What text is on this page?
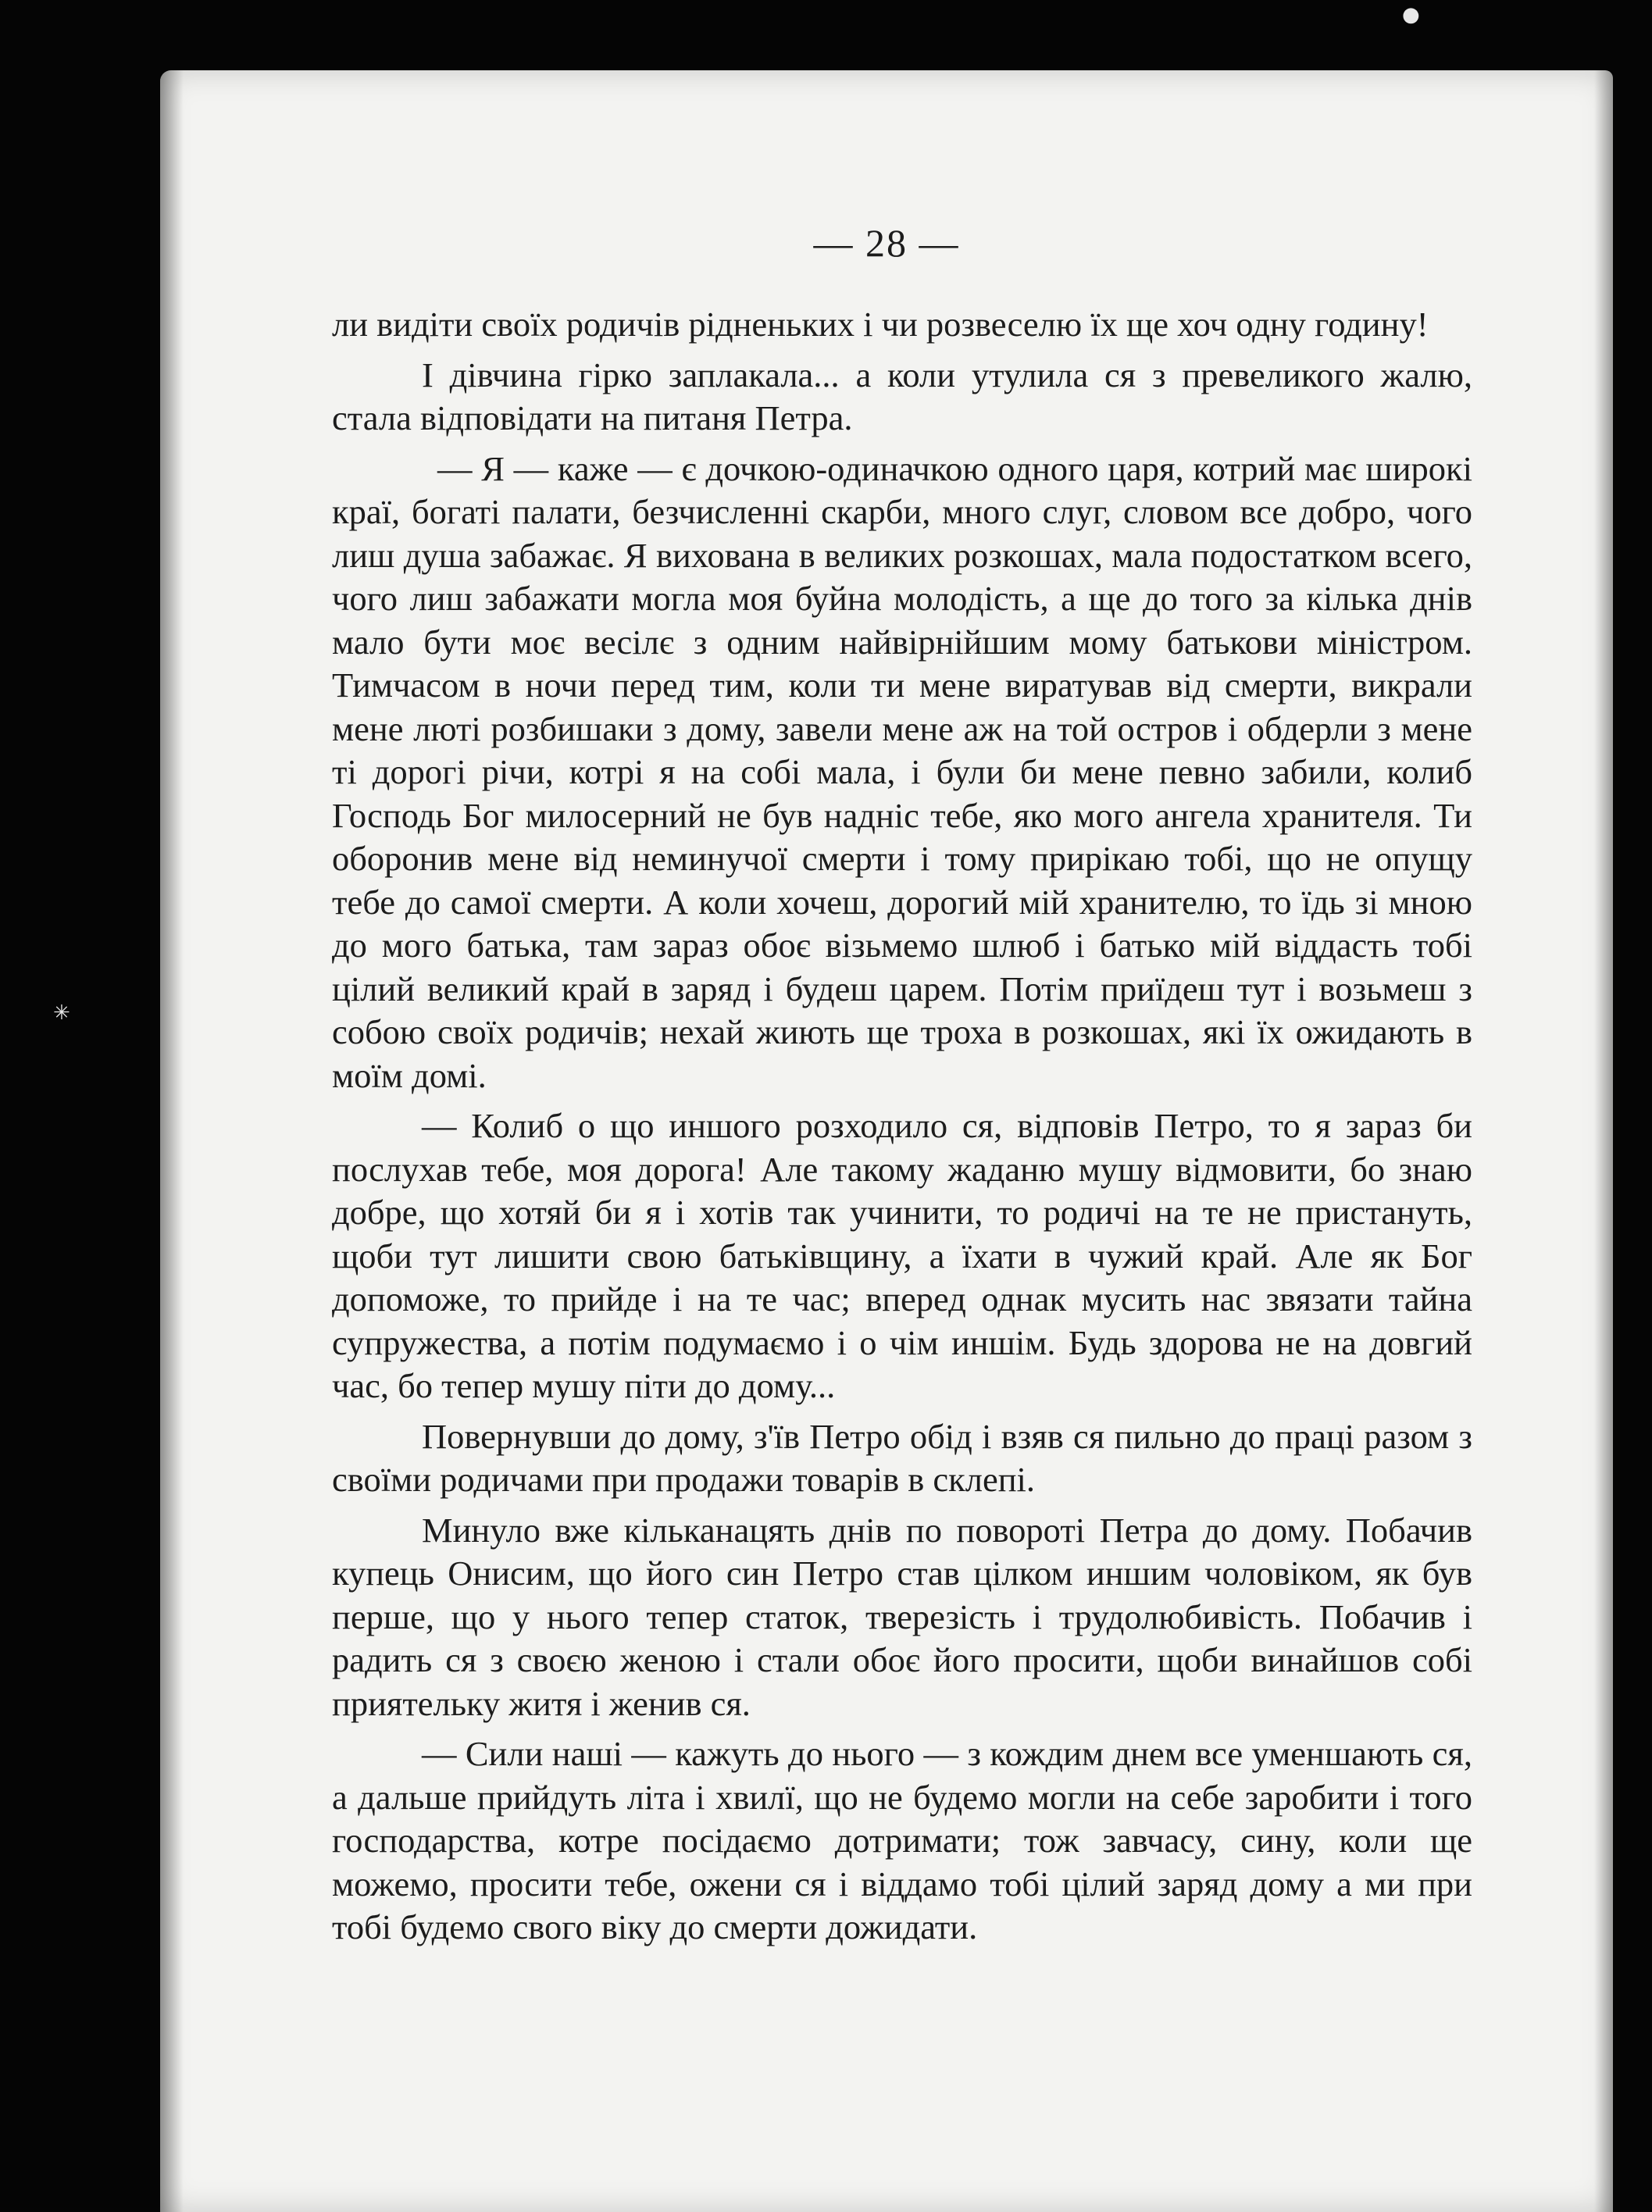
●
✳
— 28 —

ли видіти своїх родичів рідненьких і чи розвеселю їх ще хоч одну годину!

І дівчина гірко заплакала... а коли утулила ся з превеликого жалю, стала відповідати на питаня Петра.

— Я — каже — є дочкою-одиначкою одного царя, котрий має широкі краї, богаті палати, безчисленні скарби, много слуг, словом все добро, чого лиш душа забажає. Я вихована в великих розкошах, мала подостатком всего, чого лиш забажати могла моя буйна молодість, а ще до того за кілька днів мало бути моє весілє з одним найвірнійшим мому батькови міністром. Тимчасом в ночи перед тим, коли ти мене виратував від смерти, викрали мене люті розбишаки з дому, завели мене аж на той остров і обдерли з мене ті дорогі річи, котрі я на собі мала, і були би мене певно забили, колиб Господь Бог милосерний не був надніс тебе, яко мого ангела хранителя. Ти оборонив мене від неминучої смерти і тому прирікаю тобі, що не опущу тебе до самої смерти. А коли хочеш, дорогий мій хранителю, то їдь зі мною до мого батька, там зараз обоє візьмемо шлюб і батько мій віддасть тобі цілий великий край в заряд і будеш царем. Потім приїдеш тут і возьмеш з собою своїх родичів; нехай жиють ще троха в розкошах, які їх ожидають в моїм домі.

— Колиб о що иншого розходило ся, відповів Петро, то я зараз би послухав тебе, моя дорога! Але такому жаданю мушу відмовити, бо знаю добре, що хотяй би я і хотів так учинити, то родичі на те не пристануть, щоби тут лишити свою батьківщину, а їхати в чужий край. Але як Бог допоможе, то прийде і на те час; вперед однак мусить нас звязати тайна супружества, а потім подумаємо і о чім иншім. Будь здорова не на довгий час, бо тепер мушу піти до дому...

Повернувши до дому, з'їв Петро обід і взяв ся пильно до праці разом з своїми родичами при продажи товарів в склепі.

Минуло вже кільканацять днів по повороті Петра до дому. Побачив купець Онисим, що його син Петро став цілком иншим чоловіком, як був перше, що у нього тепер статок, тверезість і трудолюбивість. Побачив і радить ся з своєю женою і стали обоє його просити, щоби винайшов собі приятельку житя і женив ся.

— Сили наші — кажуть до нього — з кождим днем все уменшають ся, а дальше прийдуть літа і хвилї, що не будемо могли на себе заробити і того господарства, котре посідаємо дотримати; тож завчасу, сину, коли ще можемо, просити тебе, ожени ся і віддамо тобі цілий заряд дому а ми при тобі будемо свого віку до смерти дожидати.
